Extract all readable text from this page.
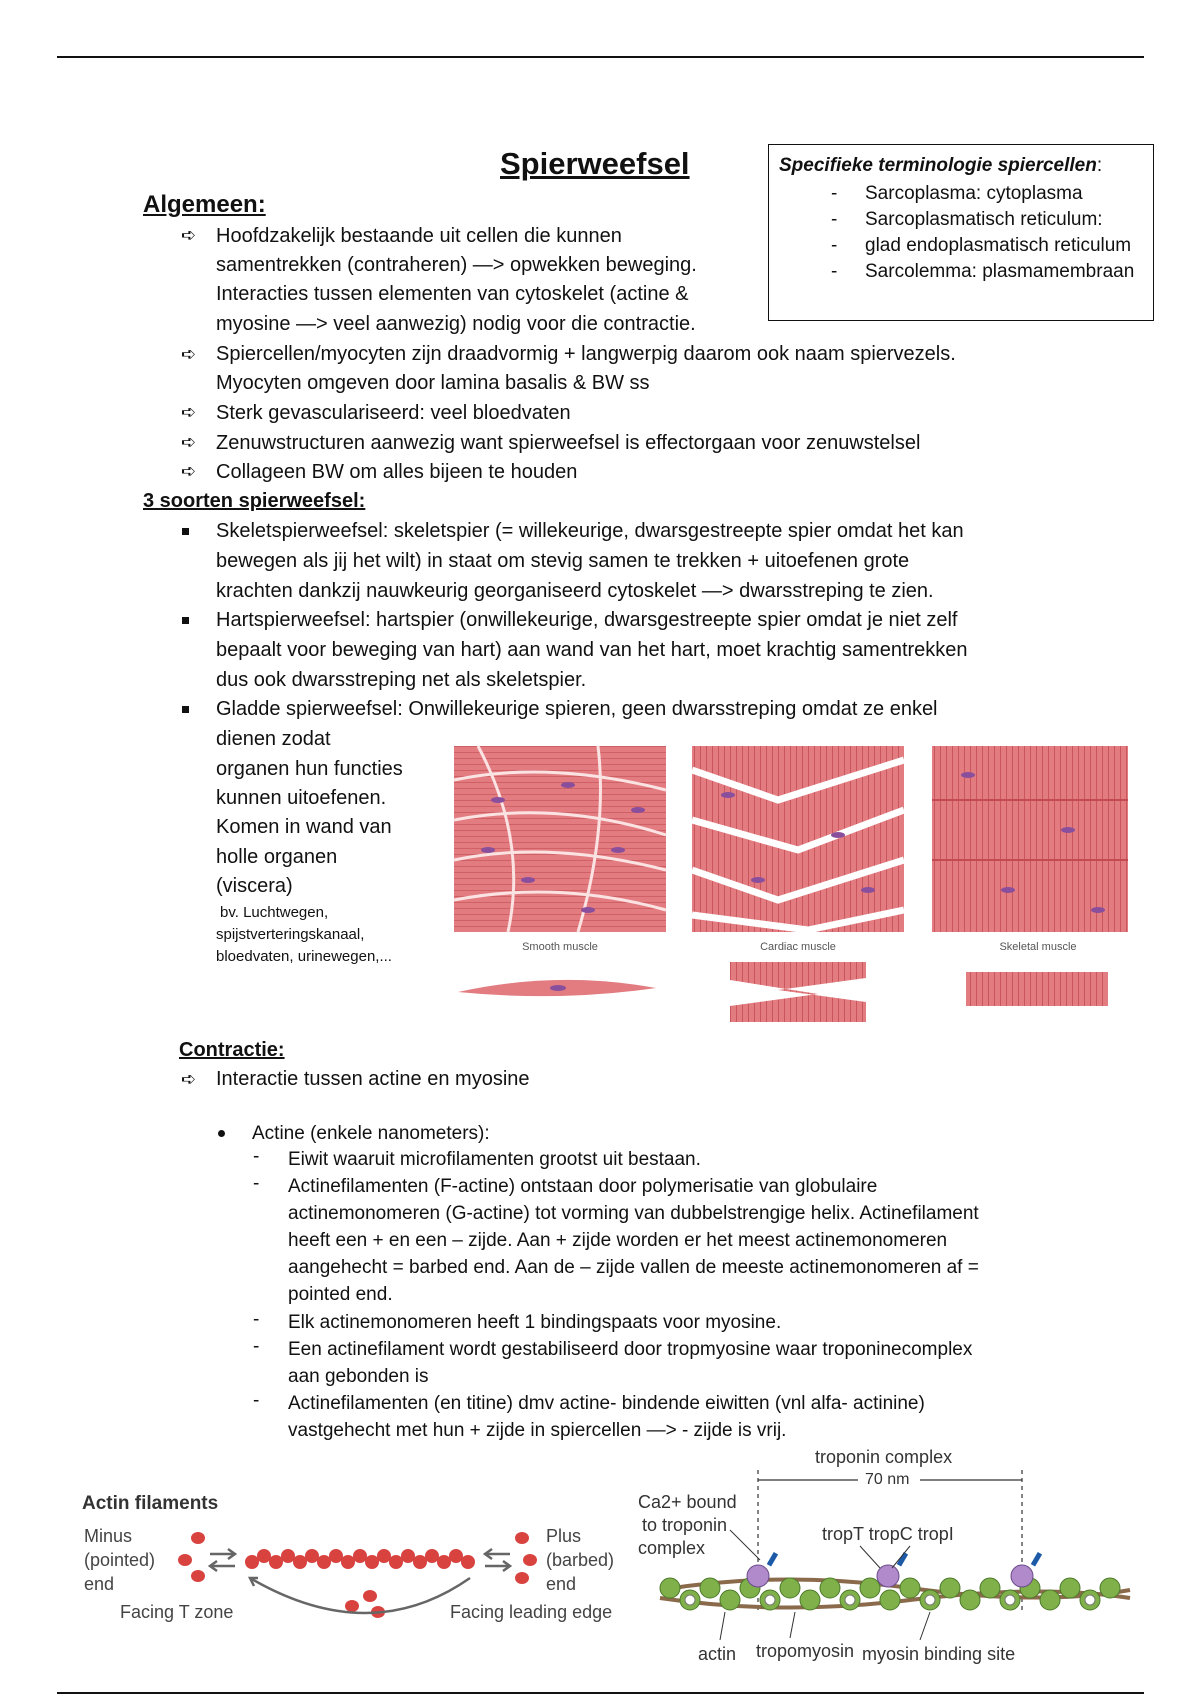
Spierweefsel	Specifieke terminologie spiercellen:
- Sarcoplasma: cytoplasma
- Sarcoplasmatisch reticulum:
- glad endoplasmatisch reticulum
- Sarcolemma: plasmamembraan
Algemeen:
➪ Hoofdzakelijk bestaande uit cellen die kunnen
samentrekken (contraheren) —> opwekken beweging.
Interacties tussen elementen van cytoskelet (actine &
myosine —> veel aanwezig) nodig voor die contractie.
➪ Spiercellen/myocyten zijn draadvormig + langwerpig daarom ook naam spiervezels.
Myocyten omgeven door lamina basalis & BW ss
➪ Sterk gevasculariseerd: veel bloedvaten
➪ Zenuwstructuren aanwezig want spierweefsel is effectorgaan voor zenuwstelsel
➪ Collageen BW om alles bijeen te houden
3 soorten spierweefsel:
Skeletspierweefsel: skeletspier (= willekeurige, dwarsgestreepte spier omdat het kan
bewegen als jij het wilt) in staat om stevig samen te trekken + uitoefenen grote
krachten dankzij nauwkeurig georganiseerd cytoskelet —> dwarsstreping te zien.
Hartspierweefsel: hartspier (onwillekeurige, dwarsgestreepte spier omdat je niet zelf
bepaalt voor beweging van hart) aan wand van het hart, moet krachtig samentrekken
dus ook dwarsstreping net als skeletspier.
Gladde spierweefsel: Onwillekeurige spieren, geen dwarsstreping omdat ze enkel
dienen zodat
organen hun functies
kunnen uitoefenen.
Komen in wand van
holle organen
(viscera)
bv. Luchtwegen,
spijstverteringskanaal,
bloedvaten, urinewegen,...
Smooth muscle	Cardiac muscle	Skeletal muscle
Contractie:
➪ Interactie tussen actine en myosine
Actine (enkele nanometers):
- Eiwit waaruit microfilamenten grootst uit bestaan.
- Actinefilamenten (F-actine) ontstaan door polymerisatie van globulaire
actinemonomeren (G-actine) tot vorming van dubbelstrengige helix. Actinefilament
heeft een + en een – zijde. Aan + zijde worden er het meest actinemonomeren
aangehecht = barbed end. Aan de – zijde vallen de meeste actinemonomeren af =
pointed end.
- Elk actinemonomeren heeft 1 bindingspaats voor myosine.
- Een actinefilament wordt gestabiliseerd door tropmyosine waar troponinecomplex
aan gebonden is
- Actinefilamenten (en titine) dmv actine- bindende eiwitten (vnl alfa- actinine)
vastgehecht met hun + zijde in spiercellen —> - zijde is vrij.
Actin filaments
Minus
(pointed)
end
Plus
(barbed)
end
Facing T zone	Facing leading edge
troponin complex
70 nm
Ca2+ bound
to troponin
complex
tropT tropC tropI
actin tropomyosin myosin binding site
